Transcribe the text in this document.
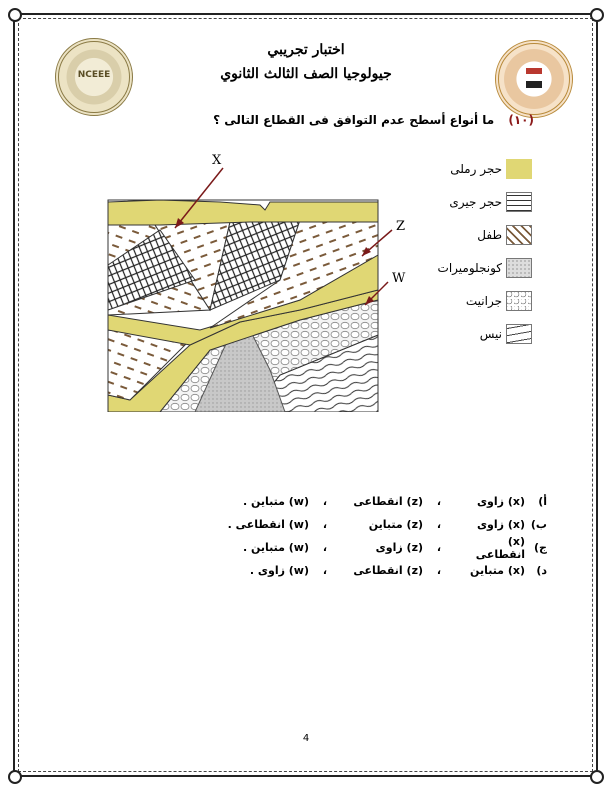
NCEEE
اختبار تجريبي
جيولوجيا الصف الثالث الثانوي
(١٠) ما أنواع أسطح عدم التوافق فى القطاع التالى ؟
X
Z
W
حجر رملى
حجر جيرى
طفل
كونجلوميرات
جرانيت
نيس
أ)
(x) زاوى
،
(z) انقطاعى
،
(w) متباين .
ب)
(x) زاوى
،
(z) متباين
،
(w) انقطاعى .
ج)
(x) انقطاعى
،
(z) زاوى
،
(w) متباين .
د)
(x) متباين
،
(z) انقطاعى
،
(w) زاوى .
4
